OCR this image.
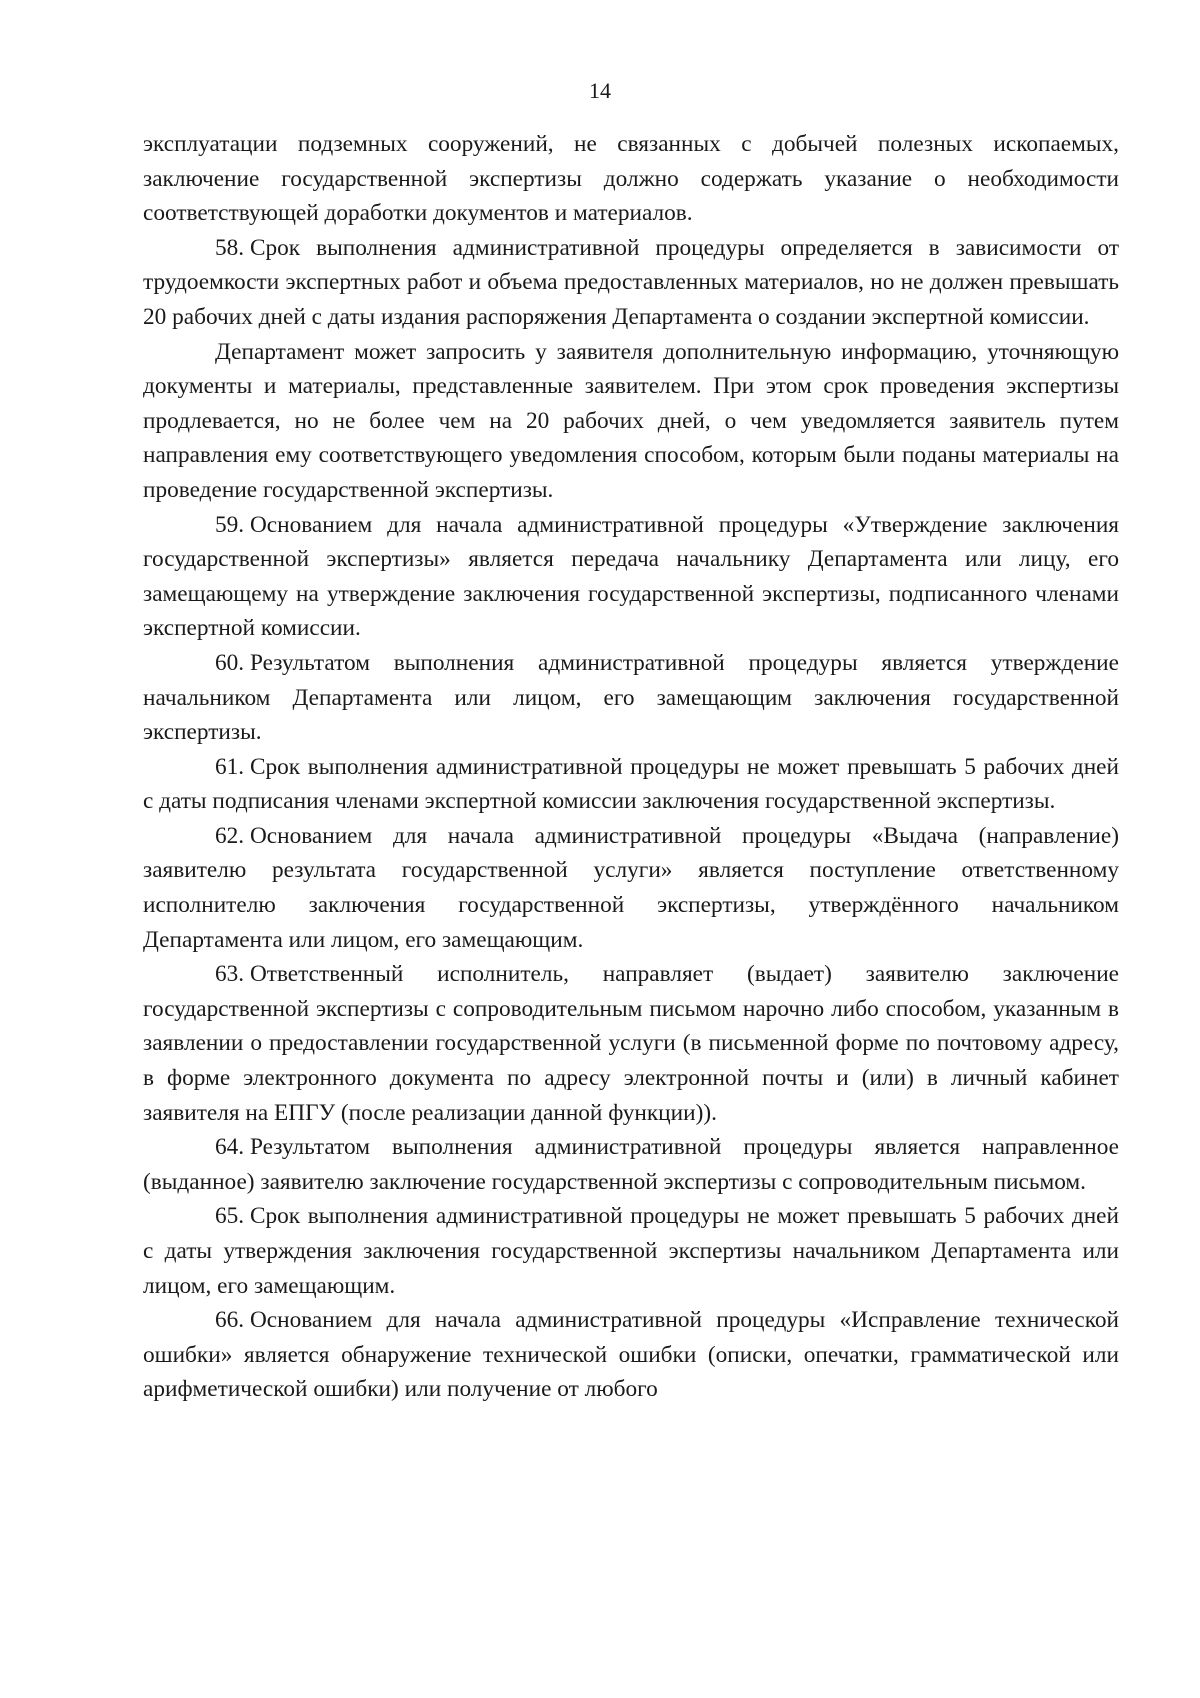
14

эксплуатации подземных сооружений, не связанных с добычей полезных ископаемых, заключение государственной экспертизы должно содержать указание о необходимости соответствующей доработки документов и материалов.

58. Срок выполнения административной процедуры определяется в зависимости от трудоемкости экспертных работ и объема предоставленных материалов, но не должен превышать 20 рабочих дней с даты издания распоряжения Департамента о создании экспертной комиссии.

Департамент может запросить у заявителя дополнительную информацию, уточняющую документы и материалы, представленные заявителем. При этом срок проведения экспертизы продлевается, но не более чем на 20 рабочих дней, о чем уведомляется заявитель путем направления ему соответствующего уведомления способом, которым были поданы материалы на проведение государственной экспертизы.

59. Основанием для начала административной процедуры «Утверждение заключения государственной экспертизы» является передача начальнику Департамента или лицу, его замещающему на утверждение заключения государственной экспертизы, подписанного членами экспертной комиссии.

60. Результатом выполнения административной процедуры является утверждение начальником Департамента или лицом, его замещающим заключения государственной экспертизы.

61. Срок выполнения административной процедуры не может превышать 5 рабочих дней с даты подписания членами экспертной комиссии заключения государственной экспертизы.

62. Основанием для начала административной процедуры «Выдача (направление) заявителю результата государственной услуги» является поступление ответственному исполнителю заключения государственной экспертизы, утверждённого начальником Департамента или лицом, его замещающим.

63. Ответственный исполнитель, направляет (выдает) заявителю заключение государственной экспертизы с сопроводительным письмом нарочно либо способом, указанным в заявлении о предоставлении государственной услуги (в письменной форме по почтовому адресу, в форме электронного документа по адресу электронной почты и (или) в личный кабинет заявителя на ЕПГУ (после реализации данной функции)).

64. Результатом выполнения административной процедуры является направленное (выданное) заявителю заключение государственной экспертизы с сопроводительным письмом.

65. Срок выполнения административной процедуры не может превышать 5 рабочих дней с даты утверждения заключения государственной экспертизы начальником Департамента или лицом, его замещающим.

66. Основанием для начала административной процедуры «Исправление технической ошибки» является обнаружение технической ошибки (описки, опечатки, грамматической или арифметической ошибки) или получение от любого
